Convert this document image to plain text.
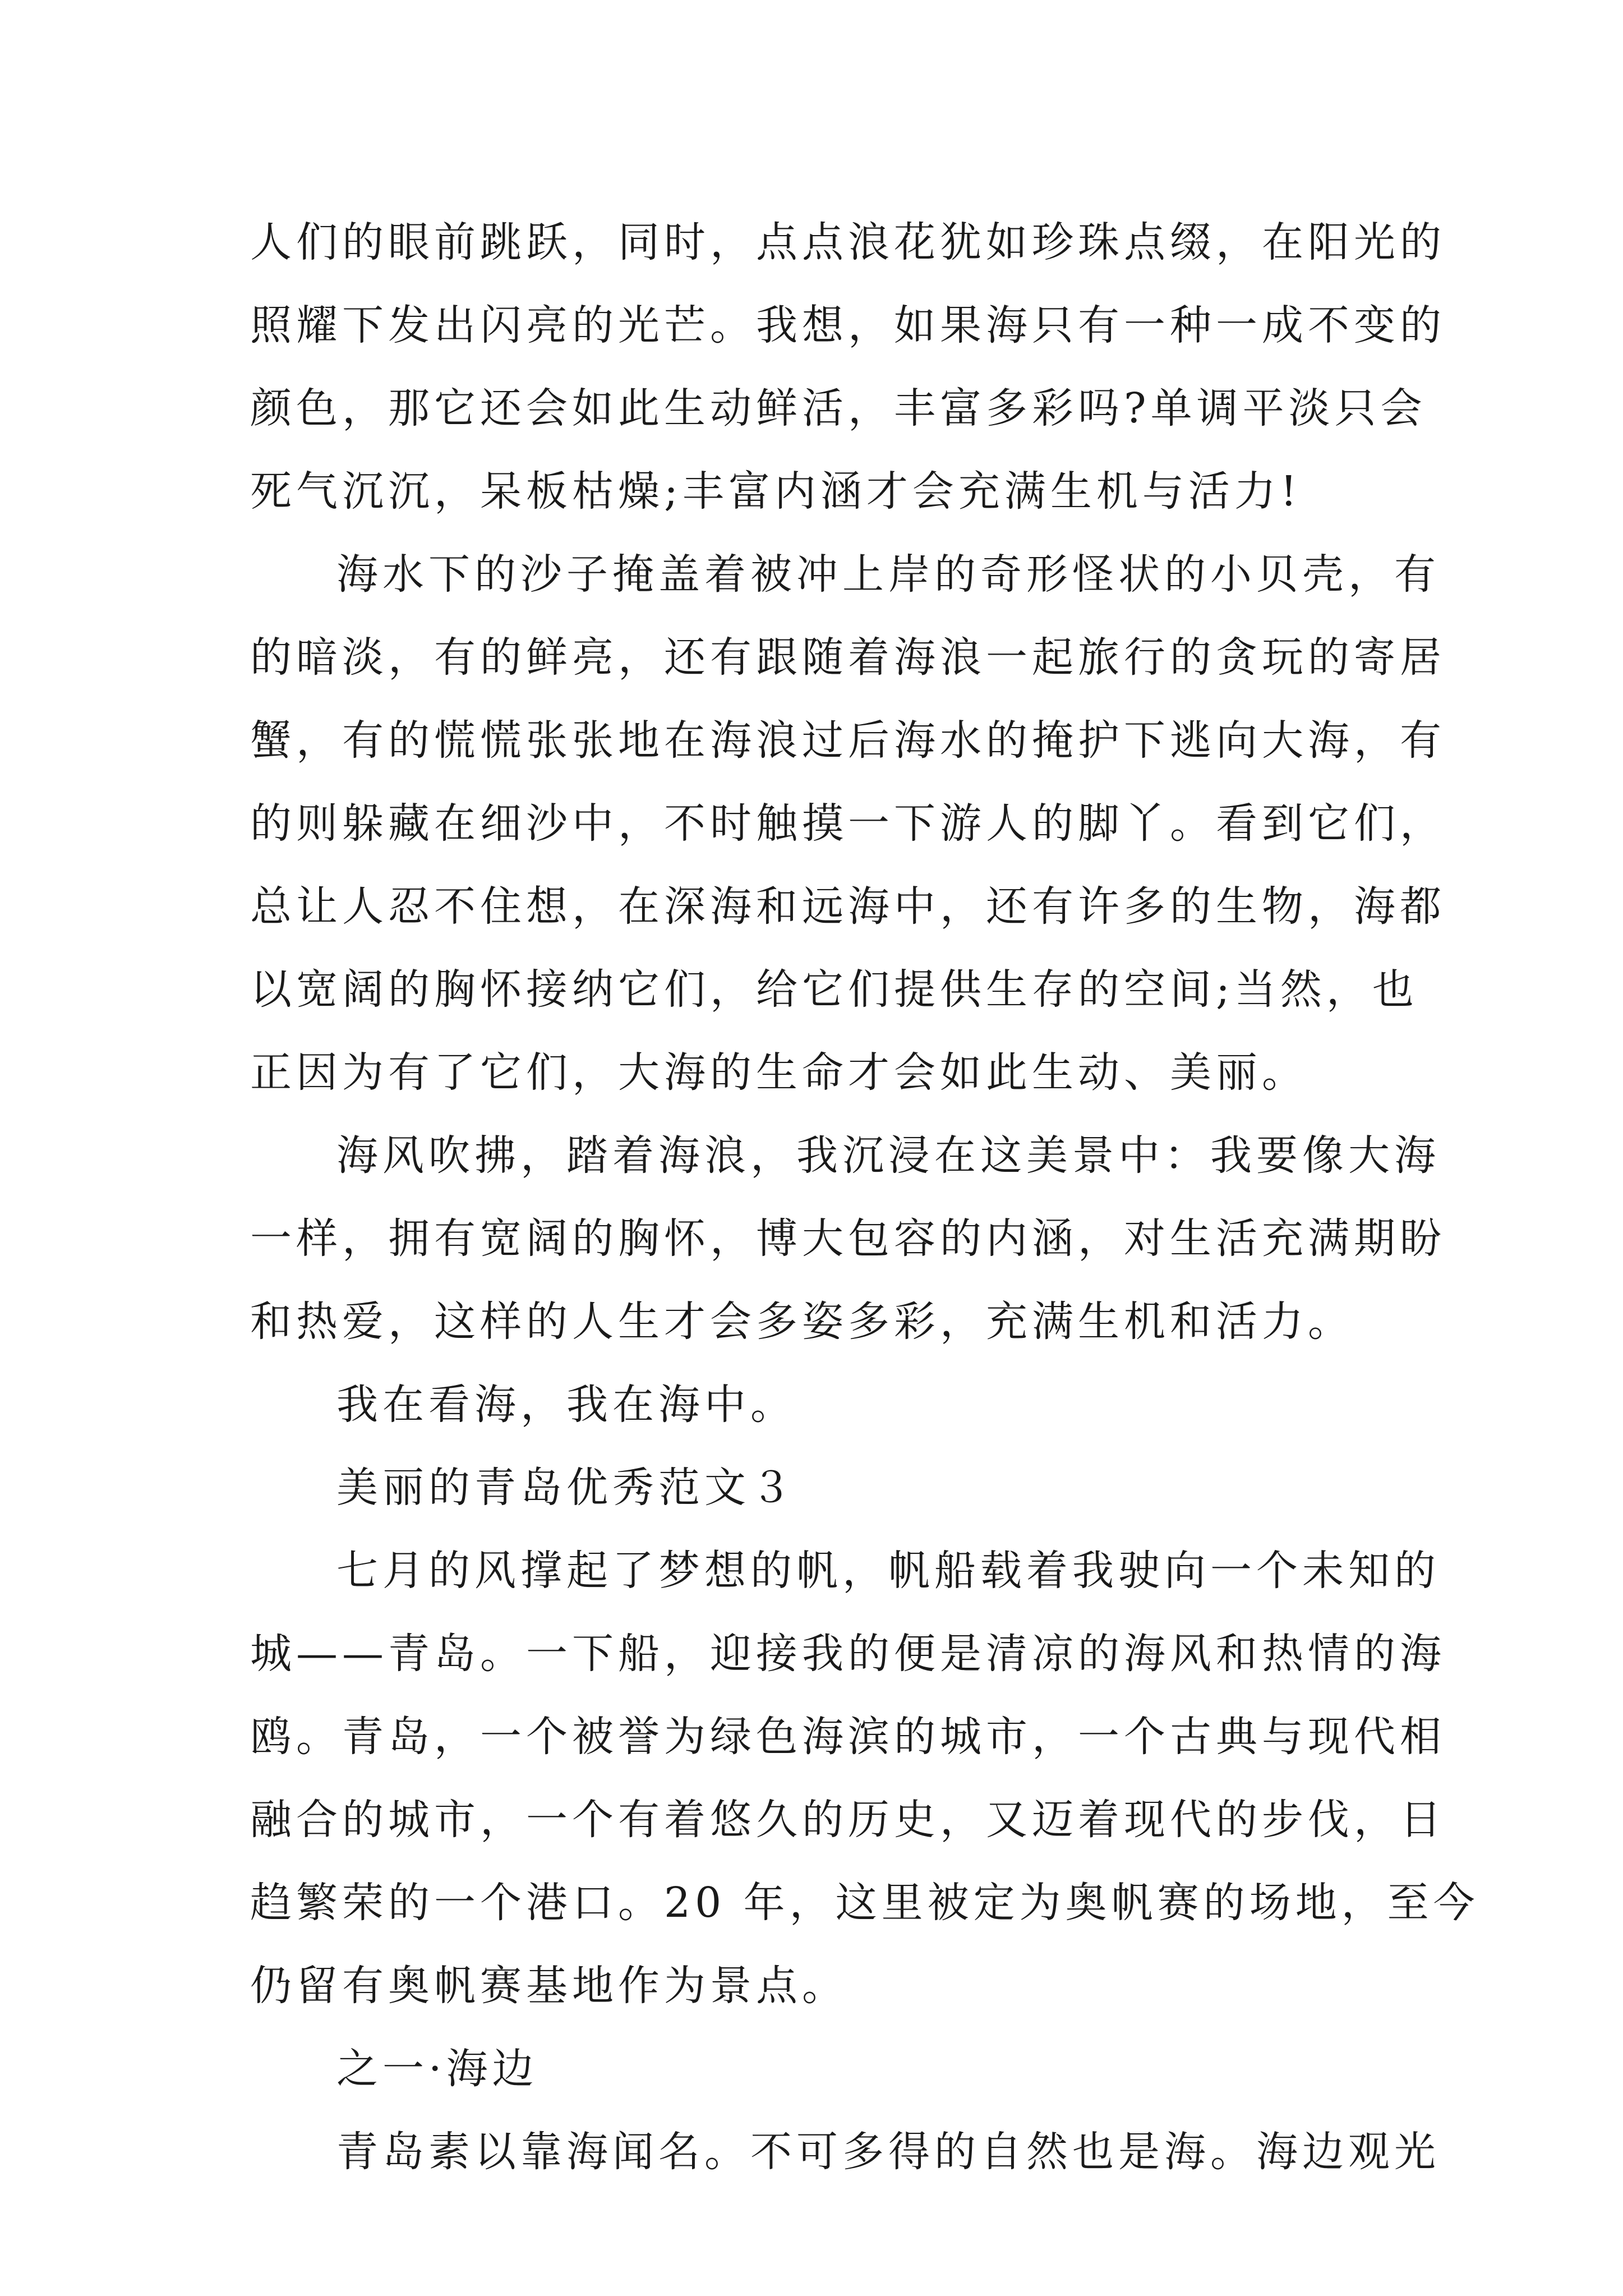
人们的眼前跳跃，同时，点点浪花犹如珍珠点缀，在阳光的
照耀下发出闪亮的光芒。我想，如果海只有一种一成不变的
颜色，那它还会如此生动鲜活，丰富多彩吗?单调平淡只会
死气沉沉，呆板枯燥;丰富内涵才会充满生机与活力!
海水下的沙子掩盖着被冲上岸的奇形怪状的小贝壳，有
的暗淡，有的鲜亮，还有跟随着海浪一起旅行的贪玩的寄居
蟹，有的慌慌张张地在海浪过后海水的掩护下逃向大海，有
的则躲藏在细沙中，不时触摸一下游人的脚丫。看到它们，
总让人忍不住想，在深海和远海中，还有许多的生物，海都
以宽阔的胸怀接纳它们，给它们提供生存的空间;当然，也
正因为有了它们，大海的生命才会如此生动、美丽。
海风吹拂，踏着海浪，我沉浸在这美景中：我要像大海
一样，拥有宽阔的胸怀，博大包容的内涵，对生活充满期盼
和热爱，这样的人生才会多姿多彩，充满生机和活力。
我在看海，我在海中。
美丽的青岛优秀范文３
七月的风撑起了梦想的帆，帆船载着我驶向一个未知的
城——青岛。一下船，迎接我的便是清凉的海风和热情的海
鸥。青岛，一个被誉为绿色海滨的城市，一个古典与现代相
融合的城市，一个有着悠久的历史，又迈着现代的步伐，日
趋繁荣的一个港口。20 年，这里被定为奥帆赛的场地，至今
仍留有奥帆赛基地作为景点。
之一·海边
青岛素以靠海闻名。不可多得的自然也是海。海边观光
